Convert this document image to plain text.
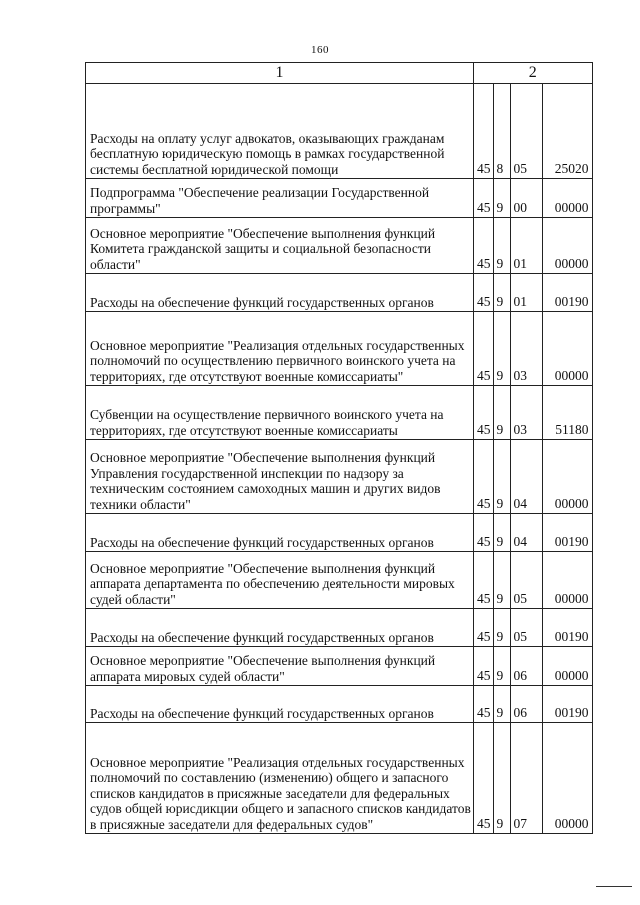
160
1	2			
Расходы на оплату услуг адвокатов, оказывающих гражданам бесплатную юридическую помощь в рамках государственной системы бесплатной юридической помощи	45	8	05	25020
Подпрограмма "Обеспечение реализации Государственной программы"	45	9	00	00000
Основное мероприятие "Обеспечение выполнения функций Комитета гражданской защиты и социальной безопасности области"	45	9	01	00000
Расходы на обеспечение функций государственных органов	45	9	01	00190
Основное мероприятие "Реализация отдельных государственных полномочий по осуществлению первичного воинского учета на территориях, где отсутствуют военные комиссариаты"	45	9	03	00000
Субвенции на осуществление первичного воинского учета на территориях, где отсутствуют военные комиссариаты	45	9	03	51180
Основное мероприятие "Обеспечение выполнения функций Управления государственной инспекции по надзору за техническим состоянием самоходных машин и других видов техники области"	45	9	04	00000
Расходы на обеспечение функций государственных органов	45	9	04	00190
Основное мероприятие "Обеспечение выполнения функций аппарата департамента по обеспечению деятельности мировых судей области"	45	9	05	00000
Расходы на обеспечение функций государственных органов	45	9	05	00190
Основное мероприятие "Обеспечение выполнения функций аппарата мировых судей области"	45	9	06	00000
Расходы на обеспечение функций государственных органов	45	9	06	00190
Основное мероприятие "Реализация отдельных государственных полномочий по составлению (изменению) общего и запасного списков кандидатов в присяжные заседатели для федеральных судов общей юрисдикции общего и запасного списков кандидатов в присяжные заседатели для федеральных судов"	45	9	07	00000
